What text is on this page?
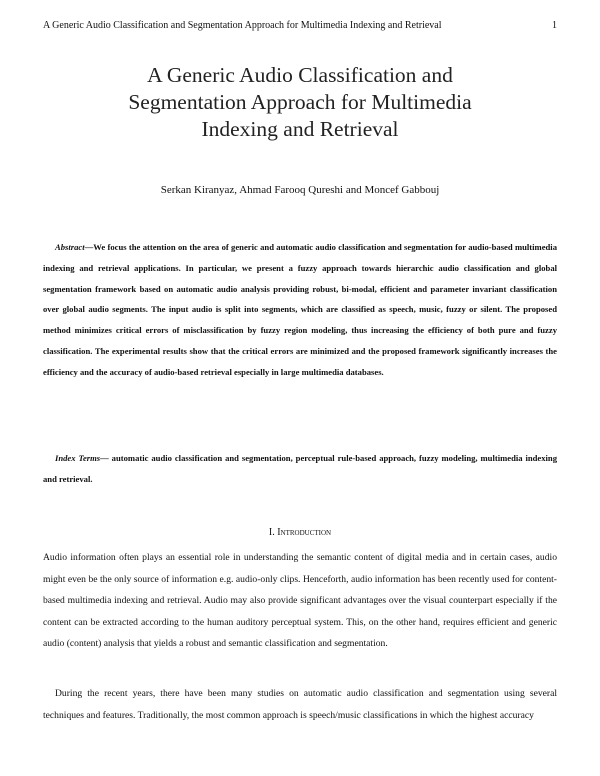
A Generic Audio Classification and Segmentation Approach for Multimedia Indexing and Retrieval	1
A Generic Audio Classification and
Segmentation Approach for Multimedia
Indexing and Retrieval
Serkan Kiranyaz, Ahmad Farooq Qureshi and Moncef Gabbouj
Abstract—We focus the attention on the area of generic and automatic audio classification and segmentation for audio-based multimedia indexing and retrieval applications. In particular, we present a fuzzy approach towards hierarchic audio classification and global segmentation framework based on automatic audio analysis providing robust, bi-modal, efficient and parameter invariant classification over global audio segments. The input audio is split into segments, which are classified as speech, music, fuzzy or silent. The proposed method minimizes critical errors of misclassification by fuzzy region modeling, thus increasing the efficiency of both pure and fuzzy classification. The experimental results show that the critical errors are minimized and the proposed framework significantly increases the efficiency and the accuracy of audio-based retrieval especially in large multimedia databases.
Index Terms— automatic audio classification and segmentation, perceptual rule-based approach, fuzzy modeling, multimedia indexing and retrieval.
I. Introduction

Audio information often plays an essential role in understanding the semantic content of digital media and in certain cases, audio might even be the only source of information e.g. audio-only clips. Henceforth, audio information has been recently used for content-based multimedia indexing and retrieval. Audio may also provide significant advantages over the visual counterpart especially if the content can be extracted according to the human auditory perceptual system. This, on the other hand, requires efficient and generic audio (content) analysis that yields a robust and semantic classification and segmentation.

During the recent years, there have been many studies on automatic audio classification and segmentation using several techniques and features. Traditionally, the most common approach is speech/music classifications in which the highest accuracy
